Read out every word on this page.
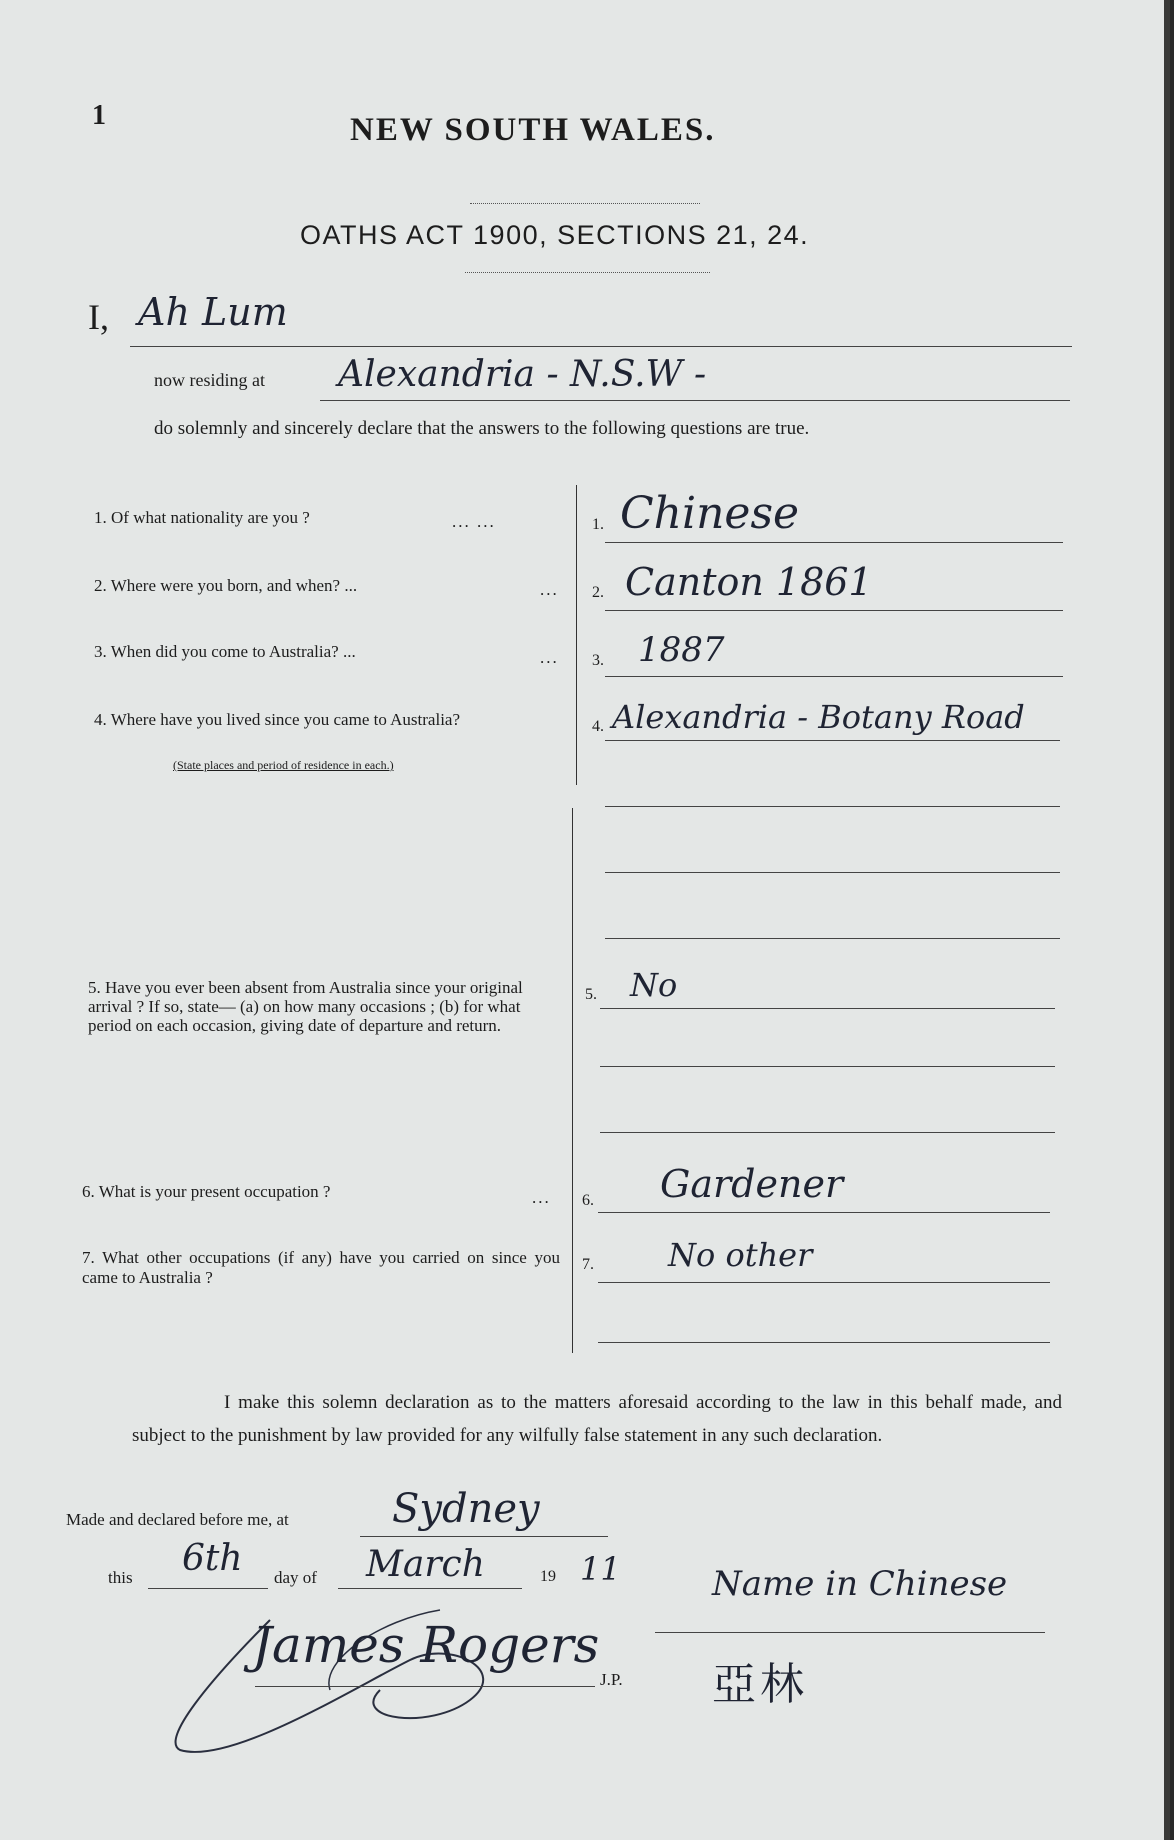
1	NEW SOUTH WALES.
OATHS ACT 1900, SECTIONS 21, 24.
I, Ah Lum
now residing at Alexandria - N.S.W -
do solemnly and sincerely declare that the answers to the following questions are true.
1. Of what nationality are you ?	... ...	1. Chinese
2. Where were you born, and when? ...	... 2. Canton 1861
3. When did you come to Australia? ...	... 3. 1887
4. Where have you lived since you came to Australia?
(State places and period of residence in each.)
4. Alexandria - Botany Road
5. Have you ever been absent from Australia since your original arrival ? If so, state— (a) on how many occasions ; (b) for what period on each occasion, giving date of departure and return.
5. No
6. What is your present occupation ?	... 6. Gardener
7. What other occupations (if any) have you carried on since you came to Australia ?
7. No other
I make this solemn declaration as to the matters aforesaid according to the law in this behalf made, and subject to the punishment by law provided for any wilfully false statement in any such declaration.
Made and declared before me, at	Sydney
this 6th day of March	19 11
James Rogers
J.P.
Name in Chinese
亞林
